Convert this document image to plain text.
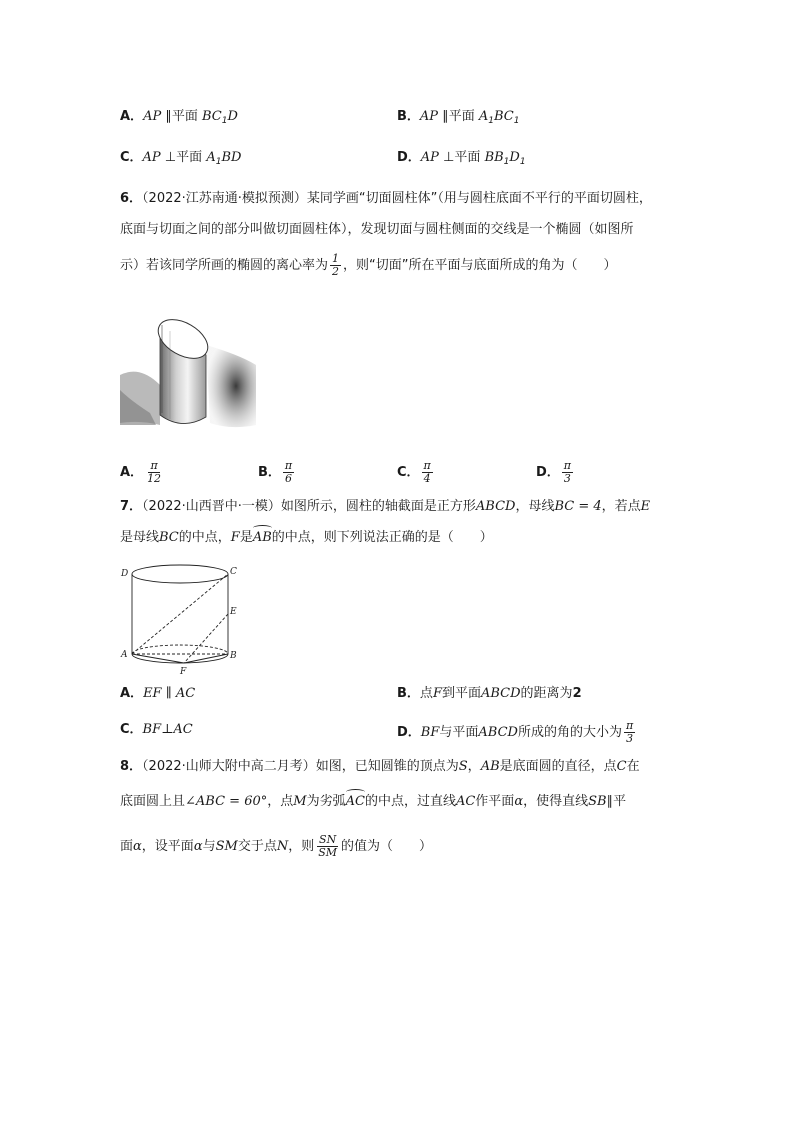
A．AP ∥平面 $BC_1D$	B．AP ∥平面 $A_1BC_1$
C．AP ⊥平面 $A_1BD$	D．AP ⊥平面 $BB_1D_1$
6．（2022·江苏南通·模拟预测）某同学画“切面圆柱体”（用与圆柱底面不平行的平面切圆柱，
底面与切面之间的部分叫做切面圆柱体），发现切面与圆柱侧面的交线是一个椭圆（如图所
示）若该同学所画的椭圆的离心率为 $\frac{1}{2}$ ，则“切面”所在平面与底面所成的角为（　　）
A． $\frac{\pi}{12}$	B． $\frac{\pi}{6}$	C． $\frac{\pi}{4}$	D． $\frac{\pi}{3}$
7．（2022·山西晋中·一模）如图所示，圆柱的轴截面是正方形ABCD，母线BC = 4，若点E
是母线BC的中点，F是AB的中点，则下列说法正确的是（　　）
D	C
E
A	B
F
A．EF ∥ AC	B．点F到平面ABCD的距离为2
C．BF⊥AC	D．BF与平面ABCD所成的角的大小为 $\frac{\pi}{3}$
8．（2022·山师大附中高二月考）如图，已知圆锥的顶点为S，AB是底面圆的直径，点C在
底面圆上且∠ABC = 60°，点M为劣弧AC的中点，过直线AC作平面α，使得直线SB∥平
面α，设平面α与SM交于点N，则 $\frac{SN}{SM}$ 的值为（　　）
